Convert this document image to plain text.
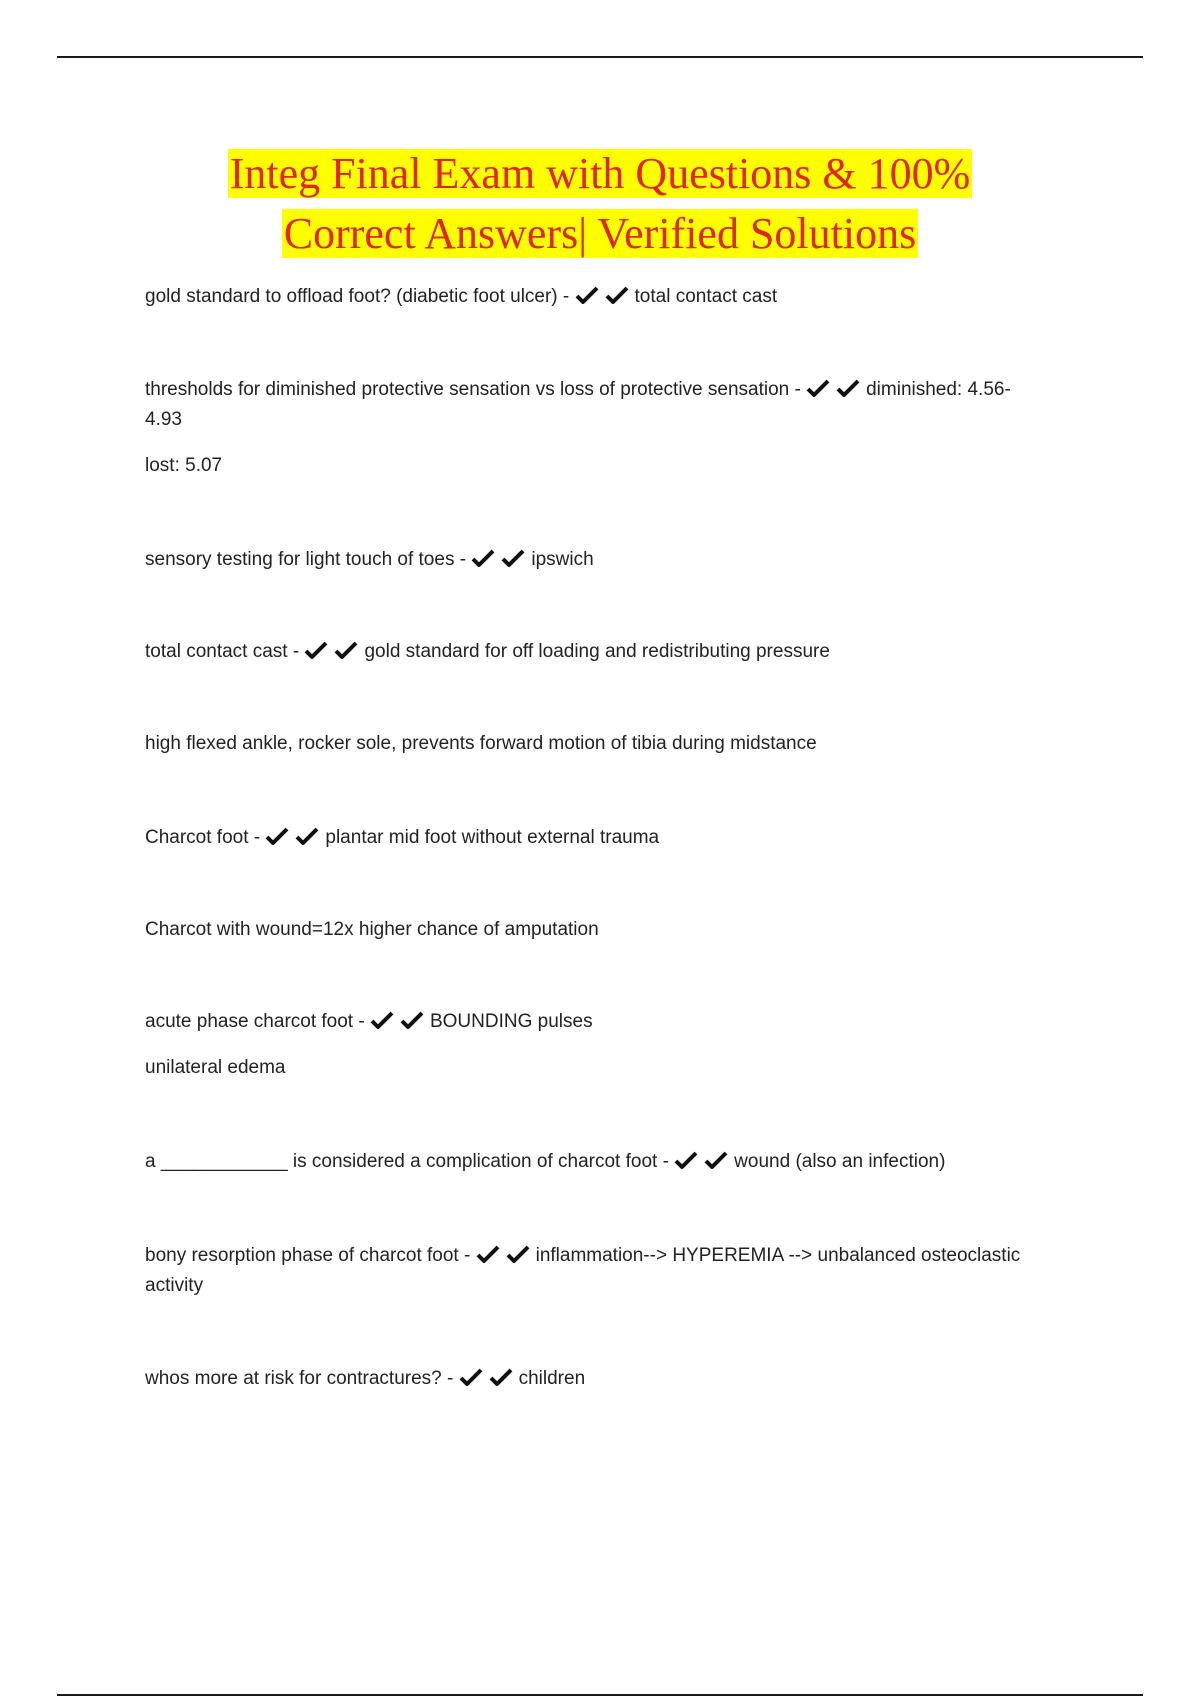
Integ Final Exam with Questions & 100%
Correct Answers| Verified Solutions
gold standard to offload foot? (diabetic foot ulcer) -	total contact cast
thresholds for diminished protective sensation vs loss of protective sensation -	diminished: 4.56-
4.93
lost: 5.07
sensory testing for light touch of toes -	ipswich
total contact cast -	gold standard for off loading and redistributing pressure
high flexed ankle, rocker sole, prevents forward motion of tibia during midstance
Charcot foot -	plantar mid foot without external trauma
Charcot with wound=12x higher chance of amputation
acute phase charcot foot -	BOUNDING pulses
unilateral edema
a ____________ is considered a complication of charcot foot -	wound (also an infection)
bony resorption phase of charcot foot -	inflammation--> HYPEREMIA --> unbalanced osteoclastic
activity
whos more at risk for contractures? -	children
